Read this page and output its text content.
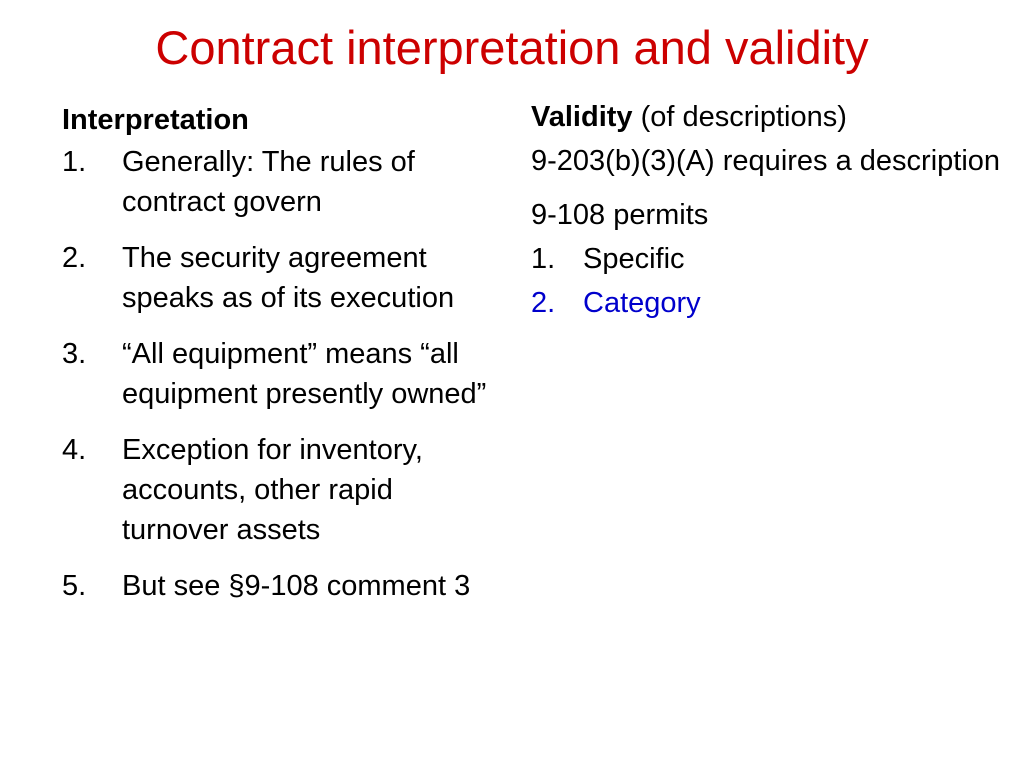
Contract interpretation and validity
Interpretation
1.	Generally: The rules of contract govern
2.	The security agreement speaks as of its execution
3.	“All equipment” means “all equipment presently owned”
4.	Exception for inventory, accounts, other rapid turnover assets
5.	But see §9-108 comment 3
Validity (of descriptions)
9-203(b)(3)(A) requires a description
9-108 permits
1. Specific
2. Category
